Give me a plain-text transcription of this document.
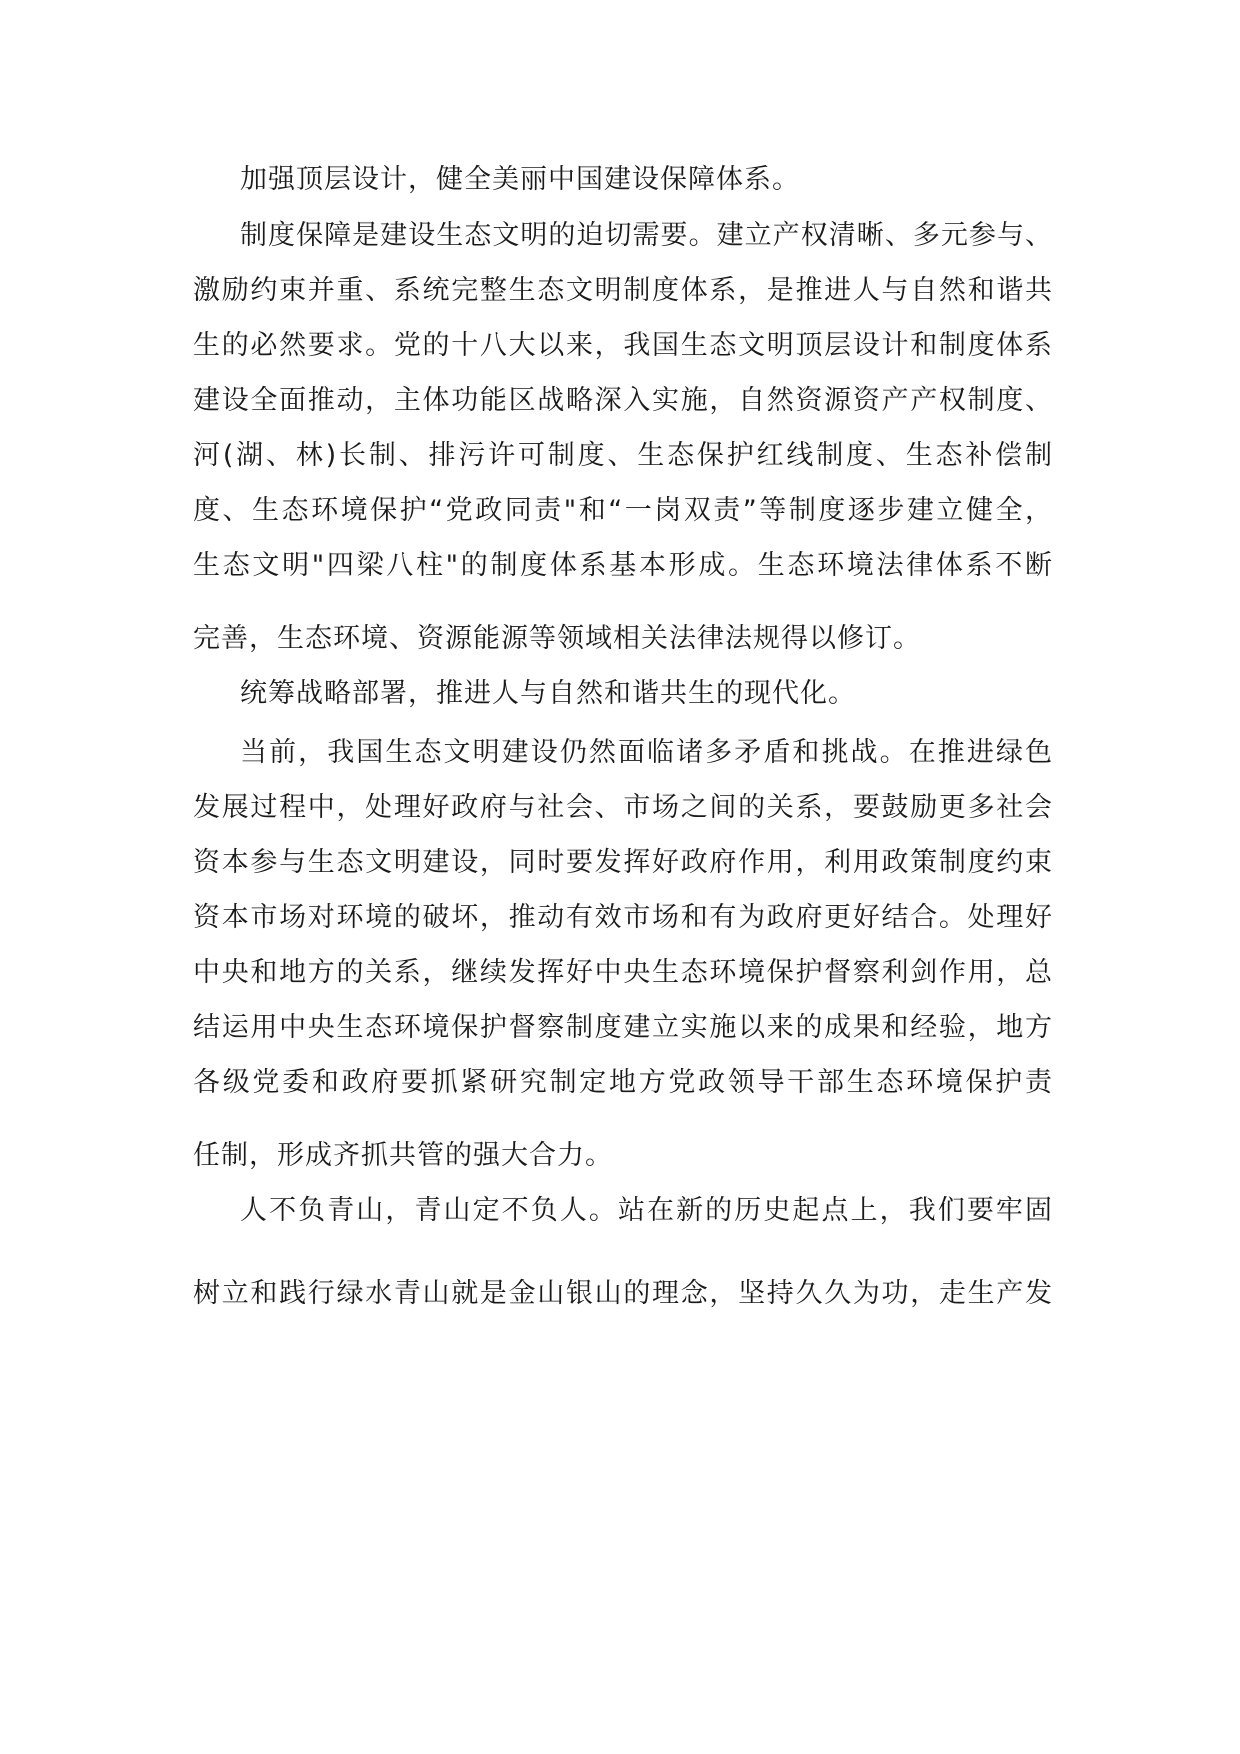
加强顶层设计，健全美丽中国建设保障体系。
制度保障是建设生态文明的迫切需要。建立产权清晰、多元参与、
激励约束并重、系统完整生态文明制度体系，是推进人与自然和谐共
生的必然要求。党的十八大以来，我国生态文明顶层设计和制度体系
建设全面推动，主体功能区战略深入实施，自然资源资产产权制度、
河(湖、林)长制、排污许可制度、生态保护红线制度、生态补偿制
度、生态环境保护“党政同责"和“一岗双责”等制度逐步建立健全，
生态文明"四梁八柱"的制度体系基本形成。生态环境法律体系不断
完善，生态环境、资源能源等领域相关法律法规得以修订。
统筹战略部署，推进人与自然和谐共生的现代化。
当前，我国生态文明建设仍然面临诸多矛盾和挑战。在推进绿色
发展过程中，处理好政府与社会、市场之间的关系，要鼓励更多社会
资本参与生态文明建设，同时要发挥好政府作用，利用政策制度约束
资本市场对环境的破坏，推动有效市场和有为政府更好结合。处理好
中央和地方的关系，继续发挥好中央生态环境保护督察利剑作用，总
结运用中央生态环境保护督察制度建立实施以来的成果和经验，地方
各级党委和政府要抓紧研究制定地方党政领导干部生态环境保护责
任制，形成齐抓共管的强大合力。
人不负青山，青山定不负人。站在新的历史起点上，我们要牢固
树立和践行绿水青山就是金山银山的理念，坚持久久为功，走生产发
